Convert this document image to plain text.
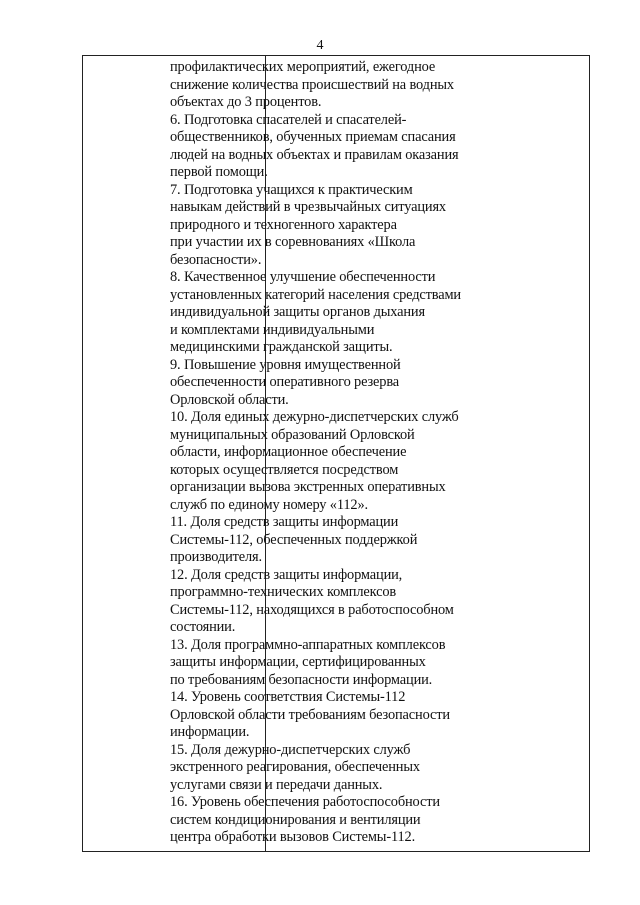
4
профилактических мероприятий, ежегодное
снижение количества происшествий на водных
объектах до 3 процентов.
6. Подготовка спасателей и спасателей-
общественников, обученных приемам спасания
людей на водных объектах и правилам оказания
первой помощи.
7. Подготовка учащихся к практическим
навыкам действий в чрезвычайных ситуациях
природного и техногенного характера
при участии их в соревнованиях «Школа
безопасности».
8. Качественное улучшение обеспеченности
установленных категорий населения средствами
индивидуальной защиты органов дыхания
и комплектами индивидуальными
медицинскими гражданской защиты.
9. Повышение уровня имущественной
обеспеченности оперативного резерва
Орловской области.
10. Доля единых дежурно-диспетчерских служб
муниципальных образований Орловской
области, информационное обеспечение
которых осуществляется посредством
организации вызова экстренных оперативных
служб по единому номеру «112».
11. Доля средств защиты информации
Системы-112, обеспеченных поддержкой
производителя.
12. Доля средств защиты информации,
программно-технических комплексов
Системы-112, находящихся в работоспособном
состоянии.
13. Доля программно-аппаратных комплексов
защиты информации, сертифицированных
по требованиям безопасности информации.
14. Уровень соответствия Системы-112
Орловской области требованиям безопасности
информации.
15. Доля дежурно-диспетчерских служб
экстренного реагирования, обеспеченных
услугами связи и передачи данных.
16. Уровень обеспечения работоспособности
систем кондиционирования и вентиляции
центра обработки вызовов Системы-112.
